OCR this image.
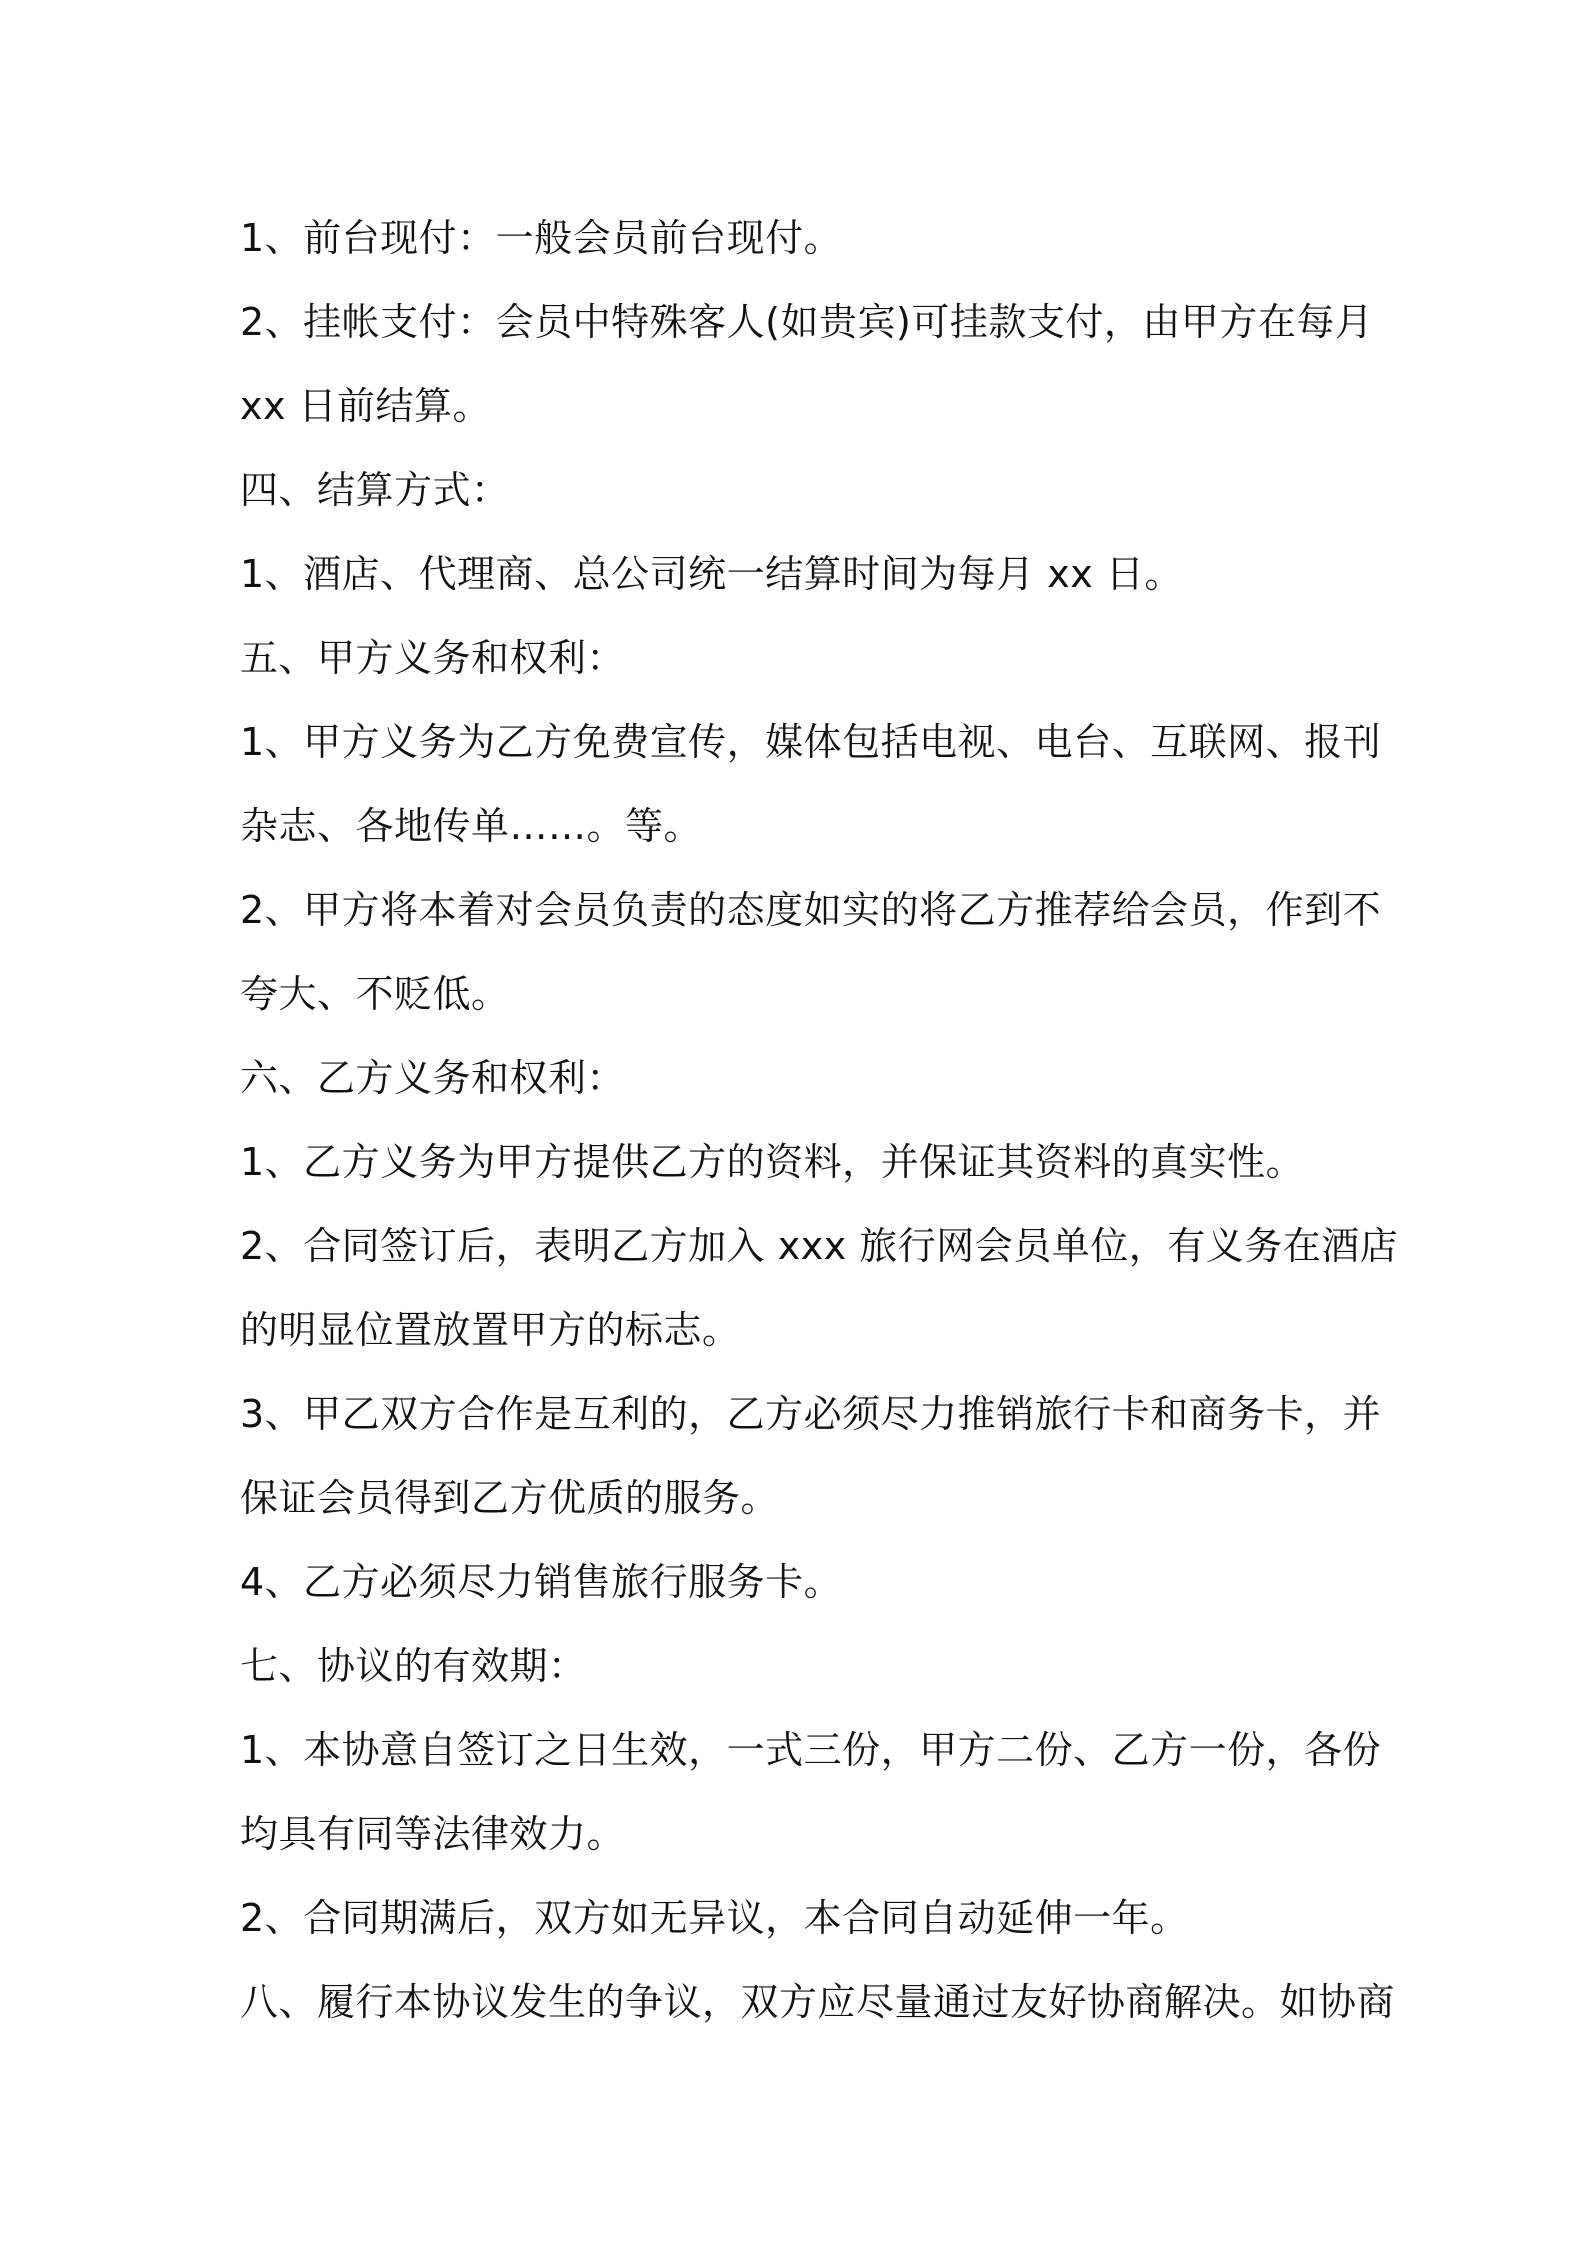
1、前台现付：一般会员前台现付。
2、挂帐支付：会员中特殊客人(如贵宾)可挂款支付，由甲方在每月
xx 日前结算。
四、结算方式：
1、酒店、代理商、总公司统一结算时间为每月 xx 日。
五、甲方义务和权利：
1、甲方义务为乙方免费宣传，媒体包括电视、电台、互联网、报刊
杂志、各地传单……。等。
2、甲方将本着对会员负责的态度如实的将乙方推荐给会员，作到不
夸大、不贬低。
六、乙方义务和权利：
1、乙方义务为甲方提供乙方的资料，并保证其资料的真实性。
2、合同签订后，表明乙方加入 xxx 旅行网会员单位，有义务在酒店
的明显位置放置甲方的标志。
3、甲乙双方合作是互利的，乙方必须尽力推销旅行卡和商务卡，并
保证会员得到乙方优质的服务。
4、乙方必须尽力销售旅行服务卡。
七、协议的有效期：
1、本协意自签订之日生效，一式三份，甲方二份、乙方一份，各份
均具有同等法律效力。
2、合同期满后，双方如无异议，本合同自动延伸一年。
八、履行本协议发生的争议，双方应尽量通过友好协商解决。如协商
